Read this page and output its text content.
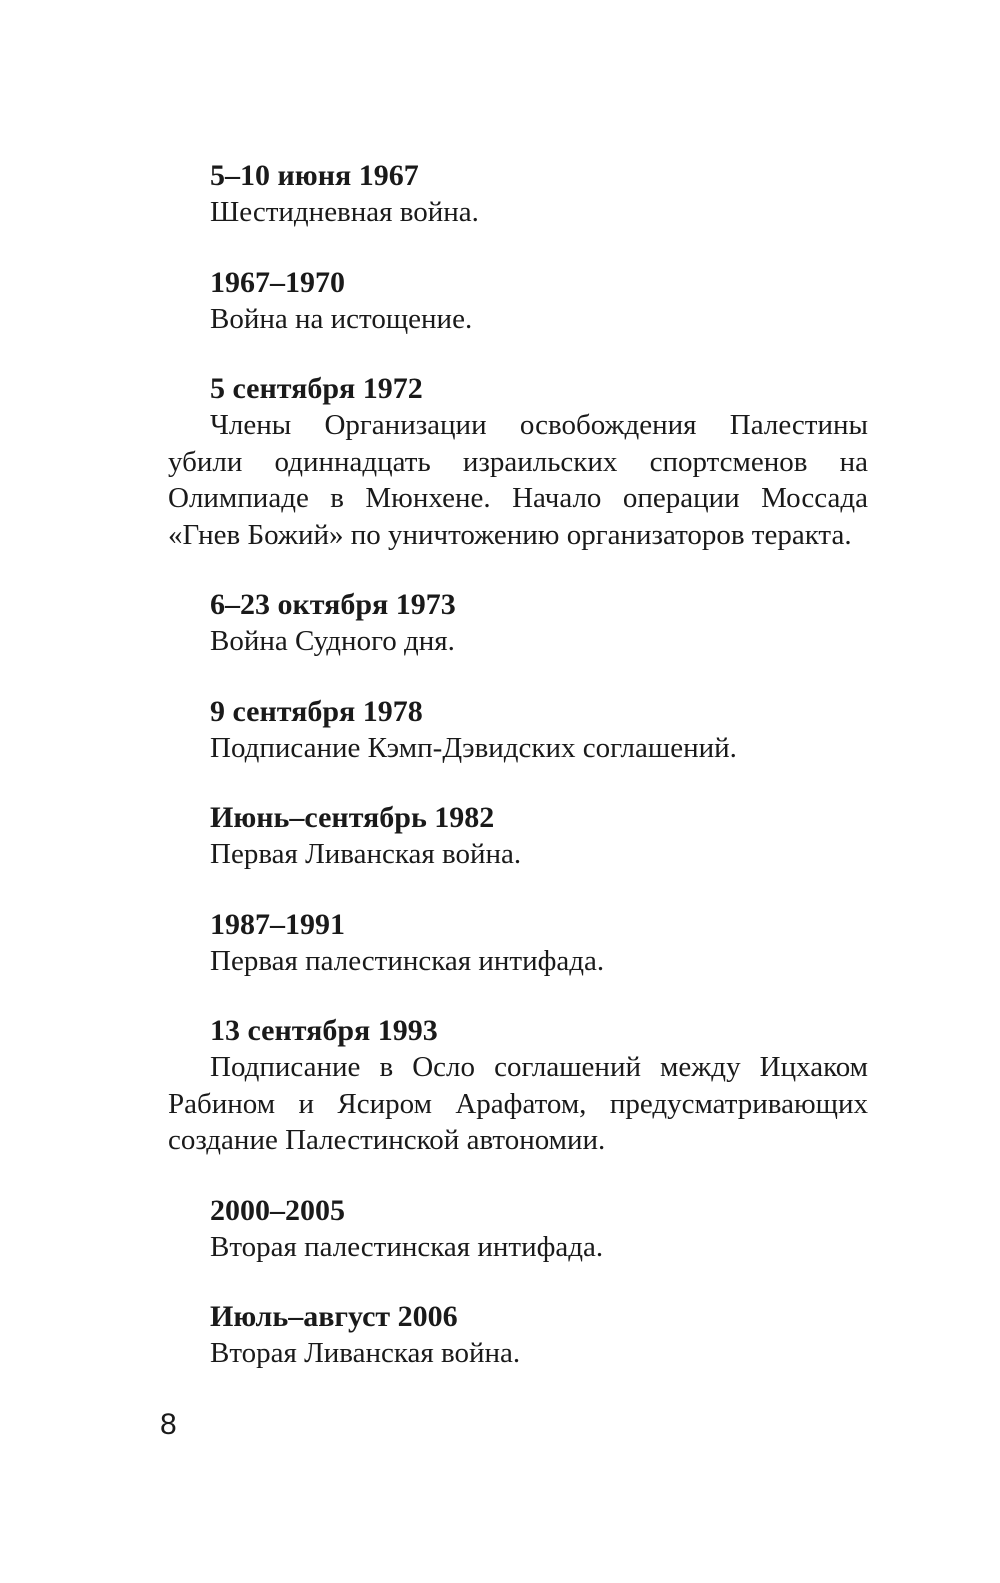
5–10 июня 1967
Шестидневная война.
1967–1970
Война на истощение.
5 сентября 1972
Члены Организации освобождения Палестины убили одиннадцать израильских спортсменов на Олимпиаде в Мюнхене. Начало операции Моссада «Гнев Божий» по уничтожению организаторов теракта.
6–23 октября 1973
Война Судного дня.
9 сентября 1978
Подписание Кэмп-Дэвидских соглашений.
Июнь–сентябрь 1982
Первая Ливанская война.
1987–1991
Первая палестинская интифада.
13 сентября 1993
Подписание в Осло соглашений между Ицхаком Рабином и Ясиром Арафатом, предусматривающих создание Палестинской автономии.
2000–2005
Вторая палестинская интифада.
Июль–август 2006
Вторая Ливанская война.
8
